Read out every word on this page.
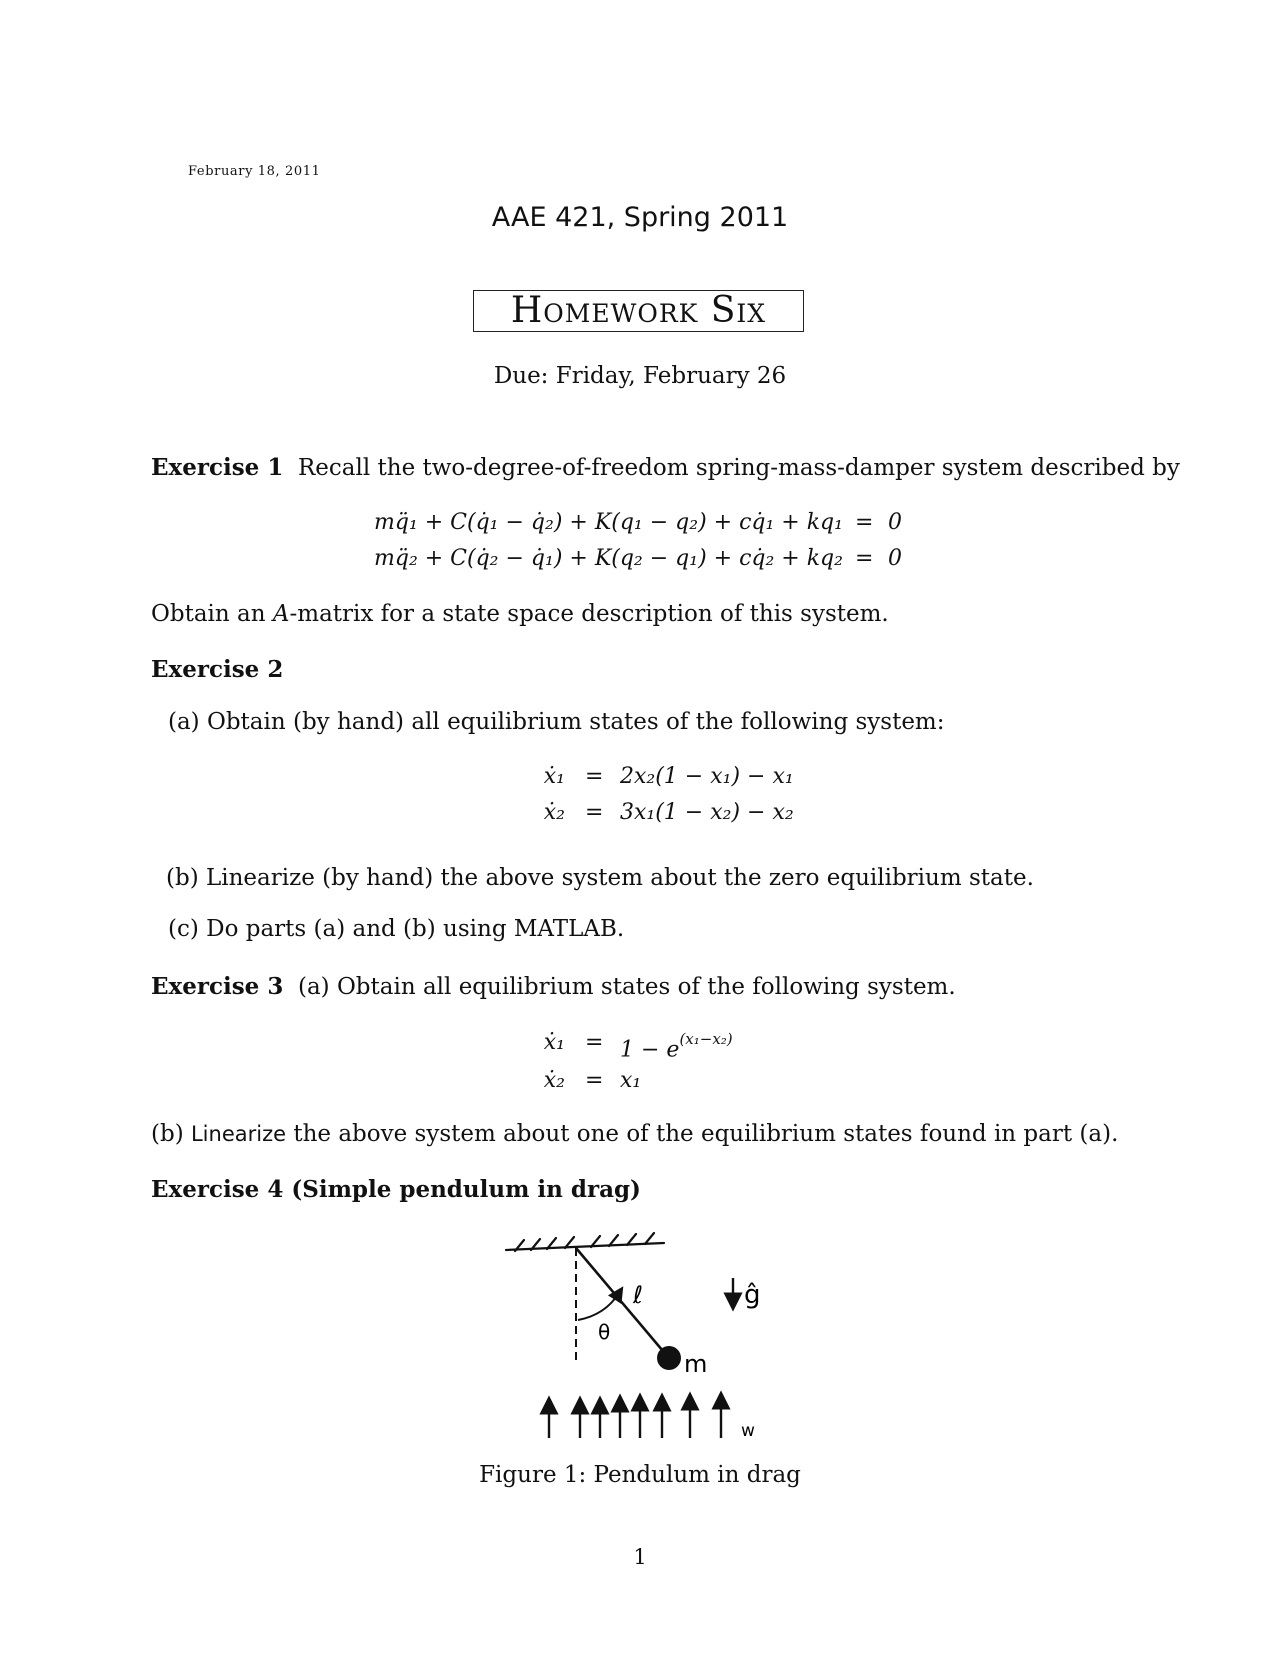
February 18, 2011
AAE 421, Spring 2011
Homework Six
Due: Friday, February 26
Exercise 1 Recall the two-degree-of-freedom spring-mass-damper system described by
mq̈₁ + C(q̇₁ − q̇₂) + K(q₁ − q₂) + cq̇₁ + kq₁ = 0
mq̈₂ + C(q̇₂ − q̇₁) + K(q₂ − q₁) + cq̇₂ + kq₂ = 0
Obtain an A-matrix for a state space description of this system.
Exercise 2
(a) Obtain (by hand) all equilibrium states of the following system:
ẋ₁ = 2x₂(1 − x₁) − x₁
ẋ₂ = 3x₁(1 − x₂) − x₂
(b) Linearize (by hand) the above system about the zero equilibrium state.
(c) Do parts (a) and (b) using MATLAB.
Exercise 3 (a) Obtain all equilibrium states of the following system.
ẋ₁ = $1 - e^{(x_1-x_2)}$
ẋ₂ = x₁
(b) Linearize the above system about one of the equilibrium states found in part (a).
Exercise 4 (Simple pendulum in drag)
θ
ℓ
m
ĝ
w
Figure 1: Pendulum in drag
1
